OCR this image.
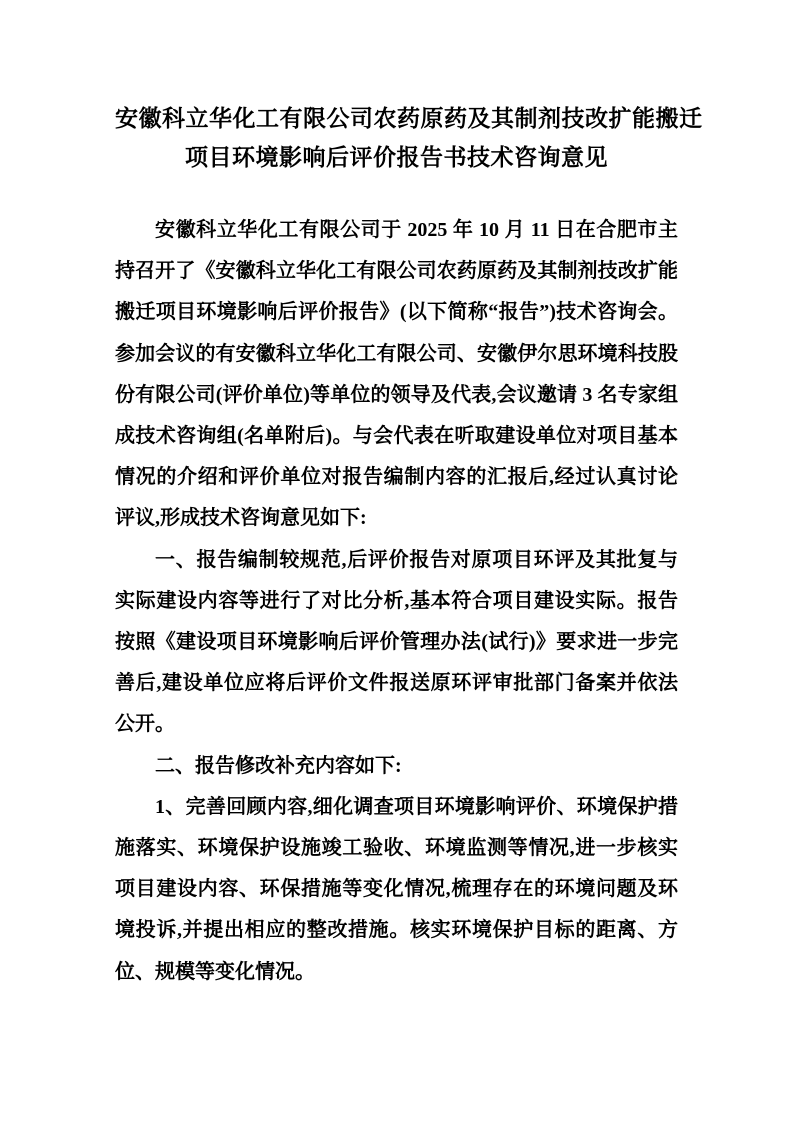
安徽科立华化工有限公司农药原药及其制剂技改扩能搬迁
项目环境影响后评价报告书技术咨询意见

安徽科立华化工有限公司于 2025 年 10 月 11 日在合肥市主持召开了《安徽科立华化工有限公司农药原药及其制剂技改扩能搬迁项目环境影响后评价报告》(以下简称“报告”)技术咨询会。参加会议的有安徽科立华化工有限公司、安徽伊尔思环境科技股份有限公司(评价单位)等单位的领导及代表,会议邀请 3 名专家组成技术咨询组(名单附后)。与会代表在听取建设单位对项目基本情况的介绍和评价单位对报告编制内容的汇报后,经过认真讨论评议,形成技术咨询意见如下:

一、报告编制较规范,后评价报告对原项目环评及其批复与实际建设内容等进行了对比分析,基本符合项目建设实际。报告按照《建设项目环境影响后评价管理办法(试行)》要求进一步完善后,建设单位应将后评价文件报送原环评审批部门备案并依法公开。

二、报告修改补充内容如下:

1、完善回顾内容,细化调查项目环境影响评价、环境保护措施落实、环境保护设施竣工验收、环境监测等情况,进一步核实项目建设内容、环保措施等变化情况,梳理存在的环境问题及环境投诉,并提出相应的整改措施。核实环境保护目标的距离、方位、规模等变化情况。
